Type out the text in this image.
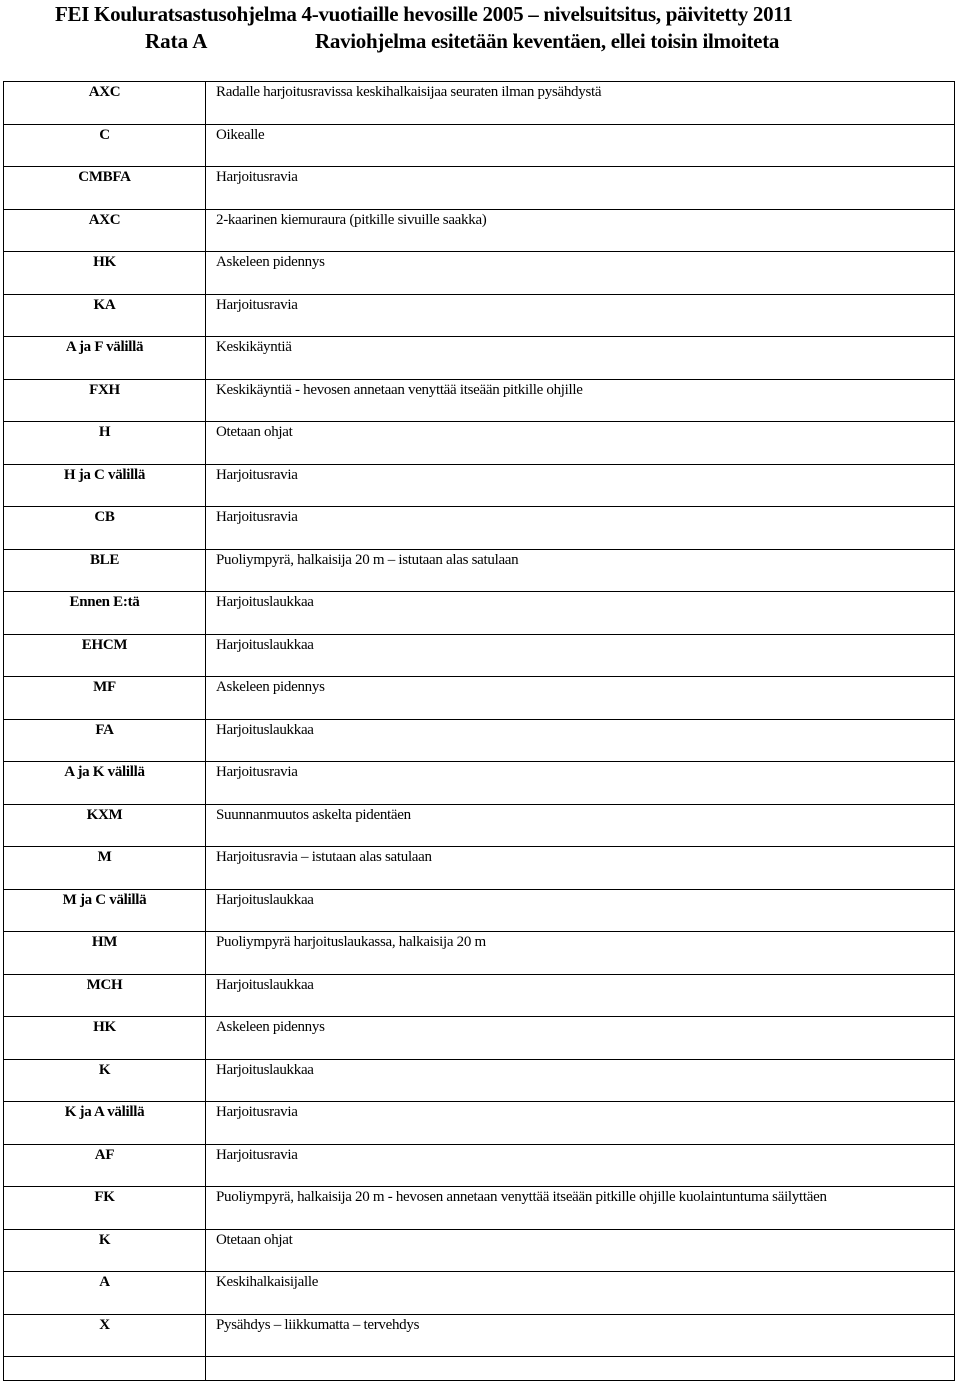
FEI Kouluratsastusohjelma 4-vuotiaille hevosille 2005 – nivelsuitsitus, päivitetty 2011
Rata A	Raviohjelma esitetään keventäen, ellei toisin ilmoiteta
AXC	Radalle harjoitusravissa keskihalkaisijaa seuraten ilman pysähdystä
C	Oikealle
CMBFA	Harjoitusravia
AXC	2-kaarinen kiemuraura (pitkille sivuille saakka)
HK	Askeleen pidennys
KA	Harjoitusravia
A ja F välillä	Keskikäyntiä
FXH	Keskikäyntiä - hevosen annetaan venyttää itseään pitkille ohjille
H	Otetaan ohjat
H ja C välillä	Harjoitusravia
CB	Harjoitusravia
BLE	Puoliympyrä, halkaisija 20 m – istutaan alas satulaan
Ennen E:tä	Harjoituslaukkaa
EHCM	Harjoituslaukkaa
MF	Askeleen pidennys
FA	Harjoituslaukkaa
A ja K välillä	Harjoitusravia
KXM	Suunnanmuutos askelta pidentäen
M	Harjoitusravia – istutaan alas satulaan
M ja C välillä	Harjoituslaukkaa
HM	Puoliympyrä harjoituslaukassa, halkaisija 20 m
MCH	Harjoituslaukkaa
HK	Askeleen pidennys
K	Harjoituslaukkaa
K ja A välillä	Harjoitusravia
AF	Harjoitusravia
FK	Puoliympyrä, halkaisija 20 m - hevosen annetaan venyttää itseään pitkille ohjille kuolaintuntuma säilyttäen
K	Otetaan ohjat
A	Keskihalkaisijalle
X	Pysähdys – liikkumatta – tervehdys
